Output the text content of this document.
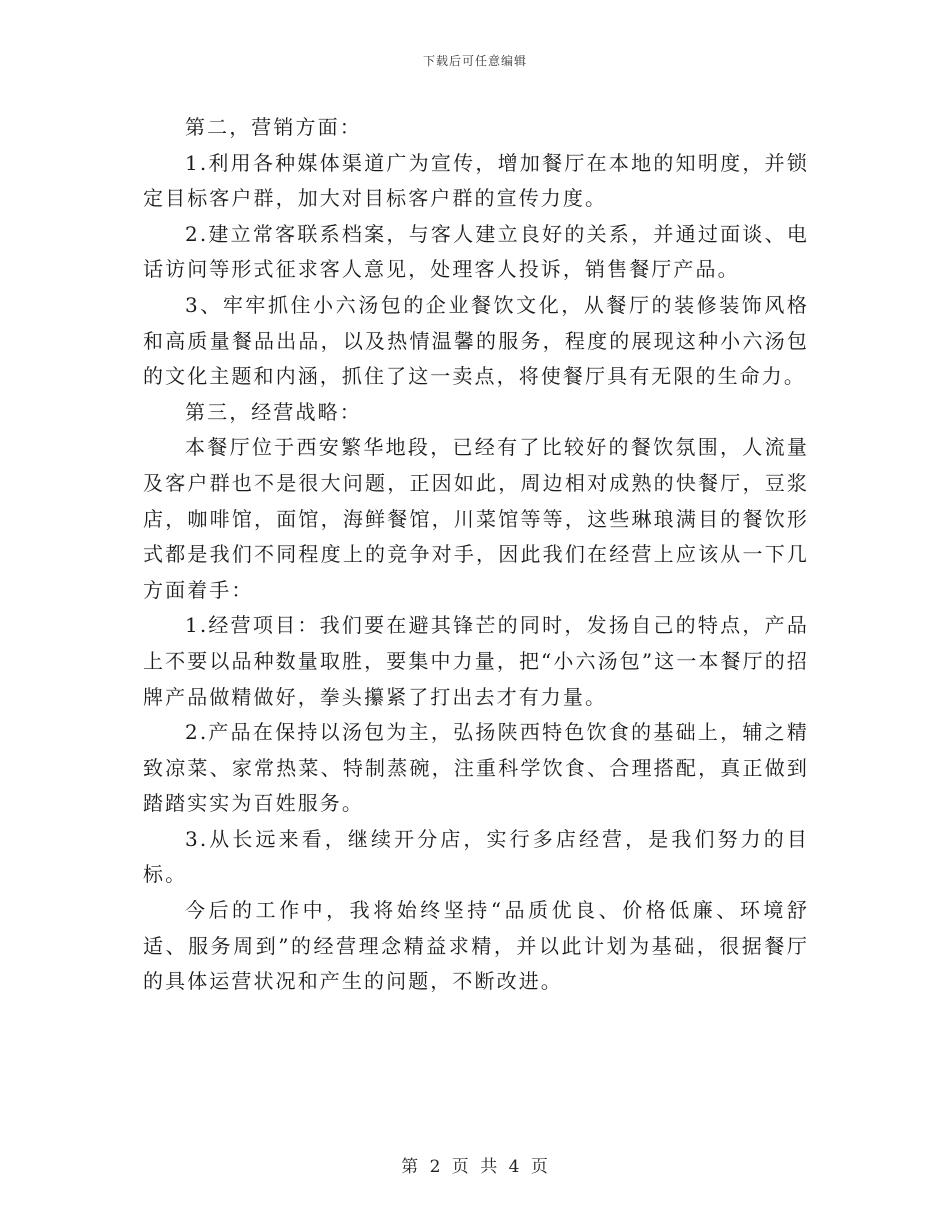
下载后可任意编辑

第二，营销方面：

1.利用各种媒体渠道广为宣传，增加餐厅在本地的知明度，并锁定目标客户群，加大对目标客户群的宣传力度。

2.建立常客联系档案，与客人建立良好的关系，并通过面谈、电话访问等形式征求客人意见，处理客人投诉，销售餐厅产品。

3、牢牢抓住小六汤包的企业餐饮文化，从餐厅的装修装饰风格和高质量餐品出品，以及热情温馨的服务，程度的展现这种小六汤包的文化主题和内涵，抓住了这一卖点，将使餐厅具有无限的生命力。

第三，经营战略：

本餐厅位于西安繁华地段，已经有了比较好的餐饮氛围，人流量及客户群也不是很大问题，正因如此，周边相对成熟的快餐厅，豆浆店，咖啡馆，面馆，海鲜餐馆，川菜馆等等，这些琳琅满目的餐饮形式都是我们不同程度上的竞争对手，因此我们在经营上应该从一下几方面着手：

1.经营项目：我们要在避其锋芒的同时，发扬自己的特点，产品上不要以品种数量取胜，要集中力量，把“小六汤包”这一本餐厅的招牌产品做精做好，拳头攥紧了打出去才有力量。

2.产品在保持以汤包为主，弘扬陕西特色饮食的基础上，辅之精致凉菜、家常热菜、特制蒸碗，注重科学饮食、合理搭配，真正做到踏踏实实为百姓服务。

3.从长远来看，继续开分店，实行多店经营，是我们努力的目标。

今后的工作中，我将始终坚持“品质优良、价格低廉、环境舒适、服务周到”的经营理念精益求精，并以此计划为基础，很据餐厅的具体运营状况和产生的问题，不断改进。

第 2 页 共 4 页
